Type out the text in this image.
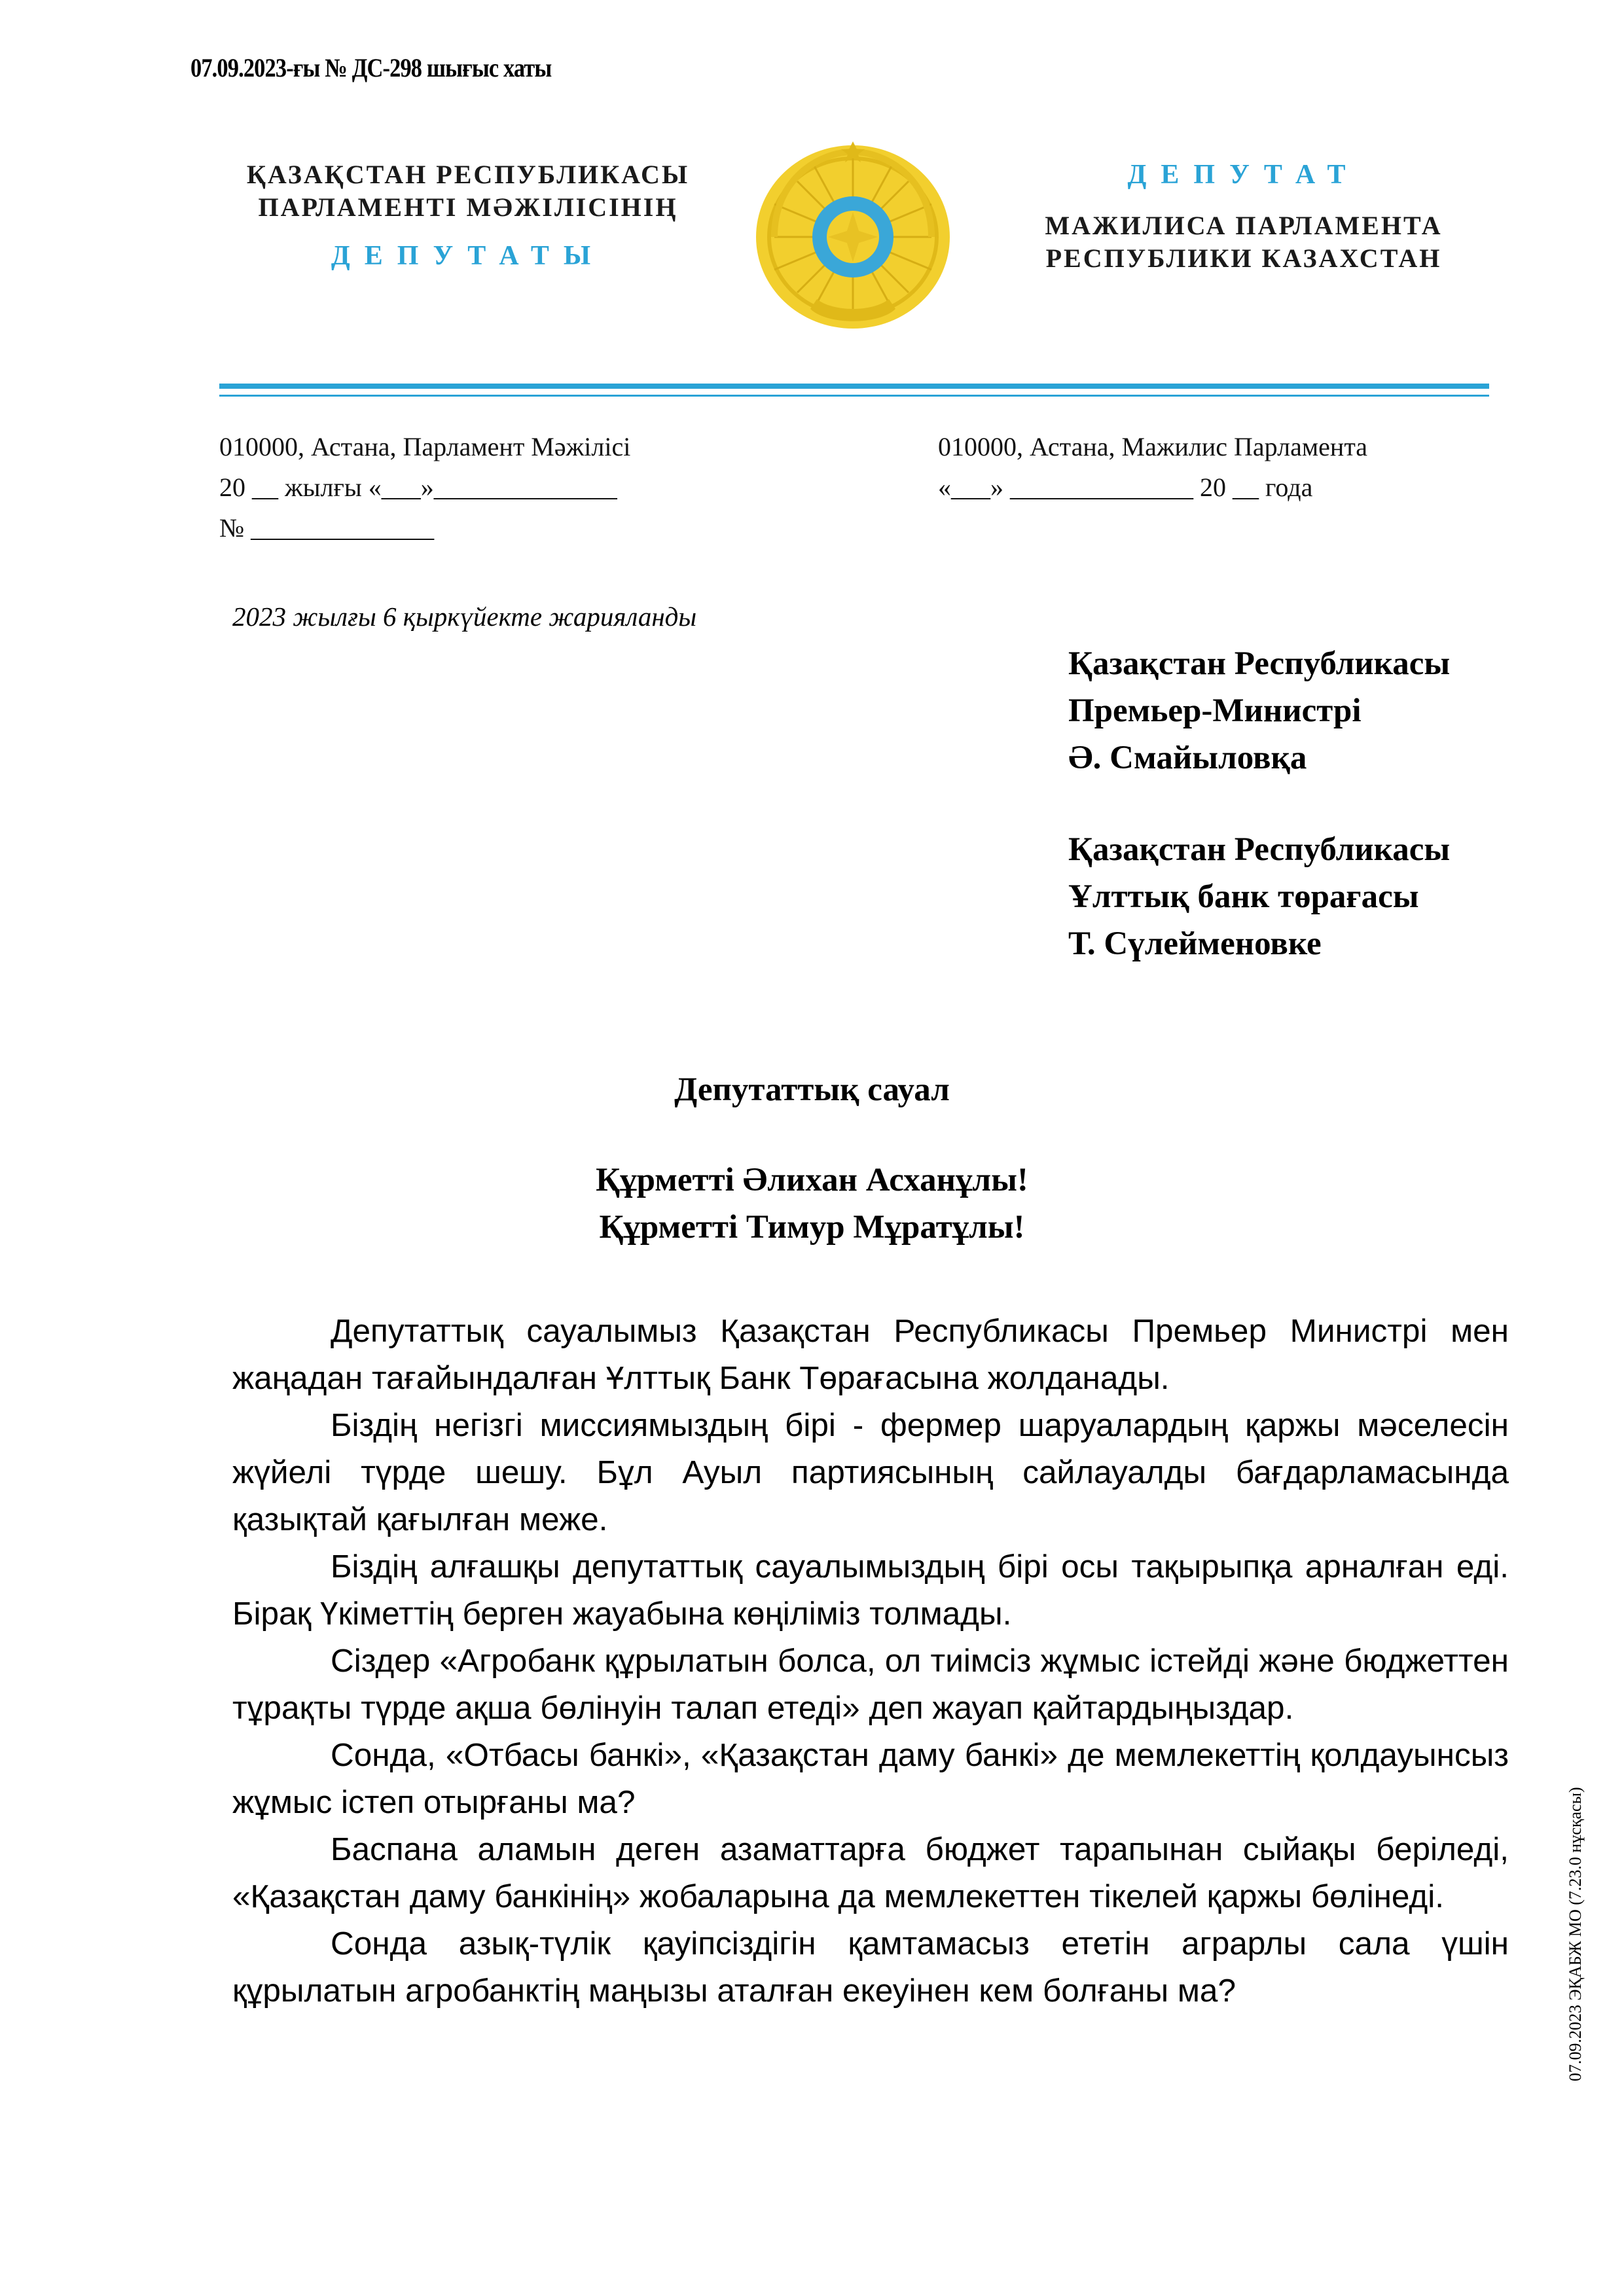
07.09.2023-ғы № ДС-298 шығыс хаты
ҚАЗАҚСТАН РЕСПУБЛИКАСЫ
ПАРЛАМЕНТІ МӘЖІЛІСІНІҢ
ДЕПУТАТЫ
ДЕПУТАТ
МАЖИЛИСА ПАРЛАМЕНТА
РЕСПУБЛИКИ КАЗАХСТАН
010000, Астана, Парламент Мәжілісі
20 __ жылғы «___»______________
№ ______________
010000, Астана, Мажилис Парламента
«___» ______________ 20 __ года
2023 жылғы 6 қыркүйекте жарияланды
Қазақстан Республикасы
Премьер-Министрі
Ә. Смайыловқа
Қазақстан Республикасы
Ұлттық банк төрағасы
Т. Сүлейменовке
Депутаттық сауал
Құрметті Әлихан Асханұлы!
Құрметті Тимур Мұратұлы!

Депутаттық сауалымыз Қазақстан Республикасы Премьер Министрі мен жаңадан тағайындалған Ұлттық Банк Төрағасына жолданады.

Біздің негізгі миссиямыздың бірі - фермер шаруалардың қаржы мәселесін жүйелі түрде шешу. Бұл Ауыл партиясының сайлауалды бағдарламасында қазықтай қағылған меже.

Біздің алғашқы депутаттық сауалымыздың бірі осы тақырыпқа арналған еді. Бірақ Үкіметтің берген жауабына көңіліміз толмады.

Сіздер «Агробанк құрылатын болса, ол тиімсіз жұмыс істейді және бюджеттен тұрақты түрде ақша бөлінуін талап етеді» деп жауап қайтардыңыздар.

Сонда, «Отбасы банкі», «Қазақстан даму банкі» де мемлекеттің қолдауынсыз жұмыс істеп отырғаны ма?

Баспана аламын деген азаматтарға бюджет тарапынан сыйақы беріледі, «Қазақстан даму банкінің» жобаларына да мемлекеттен тікелей қаржы бөлінеді.

Сонда азық-түлік қауіпсіздігін қамтамасыз ететін аграрлы сала үшін құрылатын агробанктің маңызы аталған екеуінен кем болғаны ма?	07.09.2023 ЭҚАБЖ МО (7.23.0 нұсқасы)
